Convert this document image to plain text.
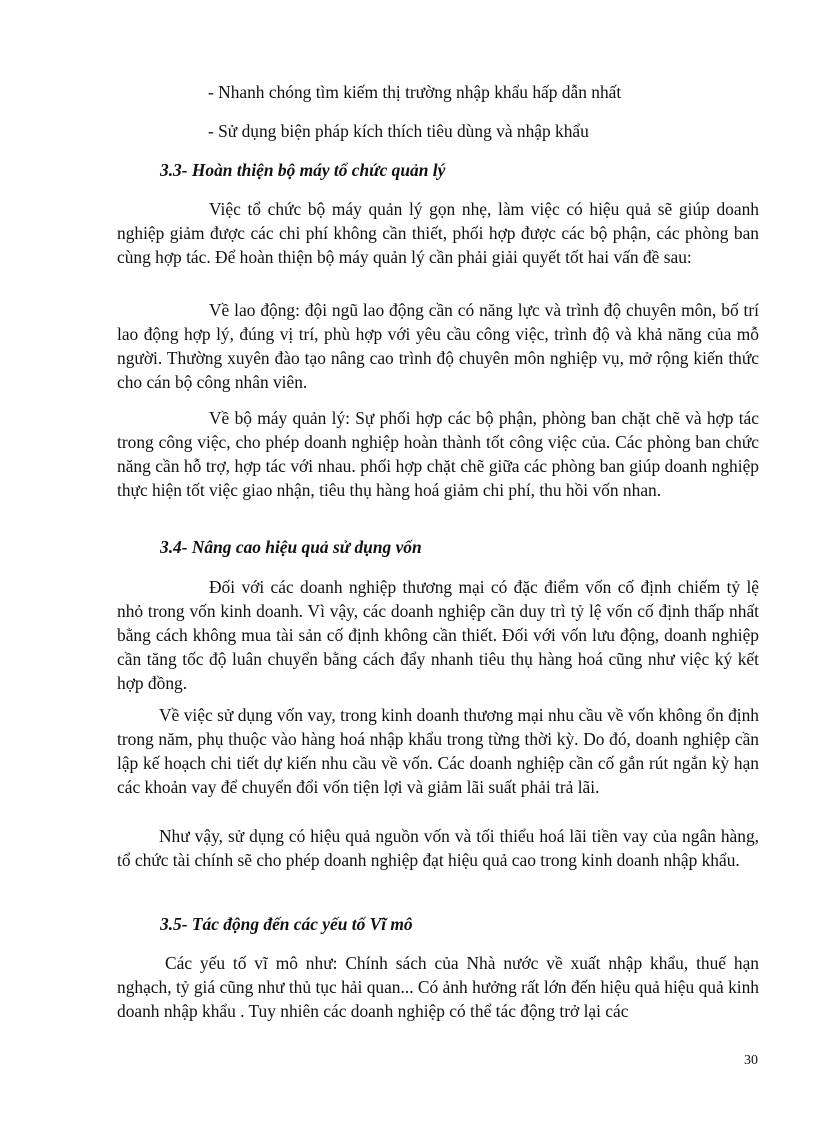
- Nhanh chóng tìm kiếm thị trường nhập khẩu hấp dẫn nhất

- Sử dụng biện pháp kích thích tiêu dùng và nhập khẩu

3.3- Hoàn thiện bộ máy tổ chức quản lý

Việc tổ chức bộ máy quản lý gọn nhẹ, làm việc có hiệu quả sẽ giúp doanh nghiệp giảm được các chi phí không cần thiết, phối hợp được các bộ phận, các phòng ban cùng hợp tác. Để hoàn thiện bộ máy quản lý cần phải giải quyết tốt hai vấn đề sau:

Về lao động: đội ngũ lao động cần có năng lực và trình độ chuyên môn, bố trí lao động hợp lý, đúng vị trí, phù hợp với yêu cầu công việc, trình độ và khả năng của mỗ người. Thường xuyên đào tạo nâng cao trình độ chuyên môn nghiệp vụ, mở rộng kiến thức cho cán bộ công nhân viên.

Về bộ máy quản lý: Sự phối hợp các bộ phận, phòng ban chặt chẽ và hợp tác trong công việc, cho phép doanh nghiệp hoàn thành tốt công việc của. Các phòng ban chức năng cần hỗ trợ, hợp tác với nhau. phối hợp chặt chẽ giữa các phòng ban giúp doanh nghiệp thực hiện tốt việc giao nhận, tiêu thụ hàng hoá giảm chi phí, thu hồi vốn nhan.

3.4- Nâng cao hiệu quả sử dụng vốn

Đối với các doanh nghiệp thương mại có đặc điểm vốn cố định chiếm tỷ lệ nhỏ trong vốn kinh doanh. Vì vậy, các doanh nghiệp cần duy trì tỷ lệ vốn cố định thấp nhất bằng cách không mua tài sản cố định không cần thiết. Đối với vốn lưu động, doanh nghiệp cần tăng tốc độ luân chuyển bằng cách đẩy nhanh tiêu thụ hàng hoá cũng như việc ký kết hợp đồng.

Về việc sử dụng vốn vay, trong kinh doanh thương mại nhu cầu về vốn không ổn định trong năm, phụ thuộc vào hàng hoá nhập khẩu trong từng thời kỳ. Do đó, doanh nghiệp cần lập kế hoạch chi tiết dự kiến nhu cầu về vốn. Các doanh nghiệp cần cố gắn rút ngắn kỳ hạn các khoản vay để chuyển đổi vốn tiện lợi và giảm lãi suất phải trả lãi.

Như vậy, sử dụng có hiệu quả nguồn vốn và tối thiểu hoá lãi tiền vay của ngân hàng, tổ chức tài chính sẽ cho phép doanh nghiệp đạt hiệu quả cao trong kinh doanh nhập khẩu.

3.5- Tác động đến các yếu tố Vĩ mô

Các yếu tố vĩ mô như: Chính sách của Nhà nước về xuất nhập khẩu, thuế hạn nghạch, tỷ giá cũng như thủ tục hải quan... Có ảnh hưởng rất lớn đến hiệu quả hiệu quả kinh doanh nhập khẩu . Tuy nhiên các doanh nghiệp có thể tác động trở lại các

30
